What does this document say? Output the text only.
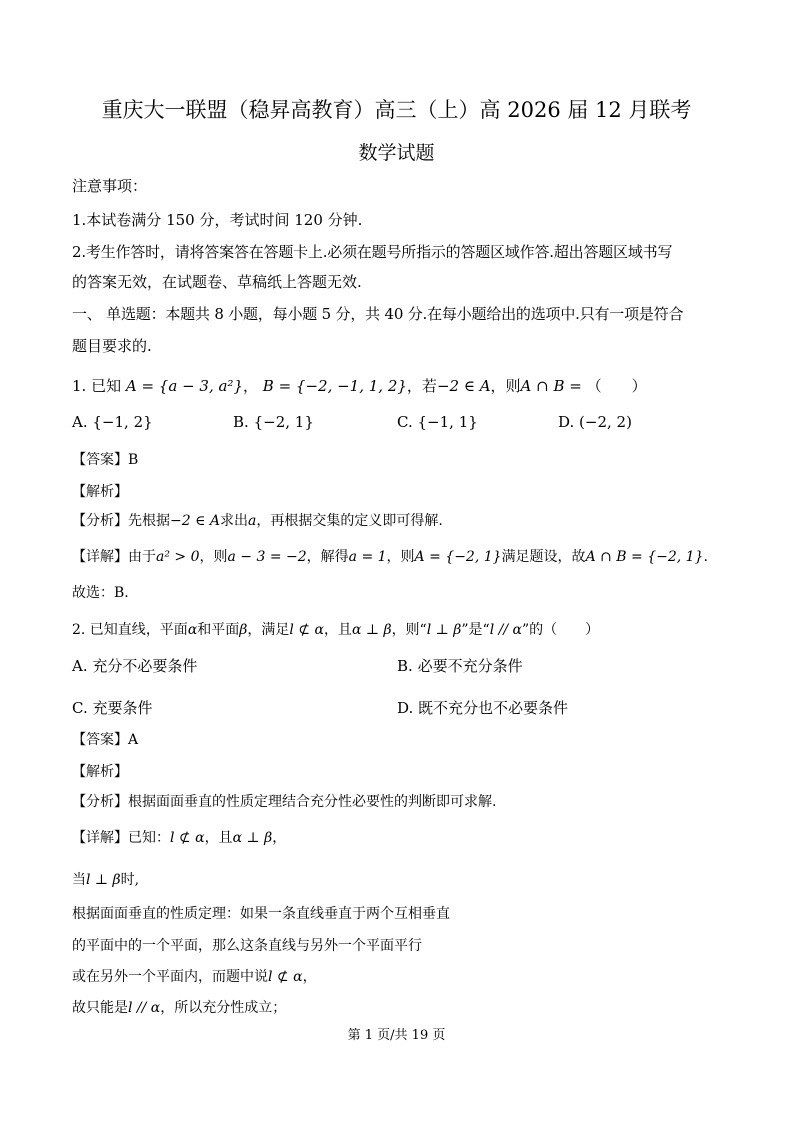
重庆大一联盟（稳昇高教育）高三（上）高 2026 届 12 月联考
数学试题
注意事项：
1.本试卷满分 150 分，考试时间 120 分钟.
2.考生作答时，请将答案答在答题卡上.必须在题号所指示的答题区域作答.超出答题区域书写
的答案无效，在试题卷、草稿纸上答题无效.
一、 单选题：本题共 8 小题，每小题 5 分，共 40 分.在每小题给出的选项中.只有一项是符合
题目要求的.
1. 已知 A = {a − 3, a²}， B = {−2, −1, 1, 2}，若−2 ∈ A，则A ∩ B = （　　）
A. {−1, 2}	B. {−2, 1}	C. {−1, 1}	D. (−2, 2)
【答案】B
【解析】
【分析】先根据−2 ∈ A求出a，再根据交集的定义即可得解.
【详解】由于a² > 0，则a − 3 = −2，解得a = 1，则A = {−2, 1}满足题设，故A ∩ B = {−2, 1}.
故选：B.
2. 已知直线，平面α和平面β，满足l ⊄ α，且α ⊥ β，则“l ⊥ β”是“l // α”的（　　）
A. 充分不必要条件	B. 必要不充分条件
C. 充要条件	D. 既不充分也不必要条件
【答案】A
【解析】
【分析】根据面面垂直的性质定理结合充分性必要性的判断即可求解.
【详解】已知：l ⊄ α，且α ⊥ β，
当l ⊥ β时,
根据面面垂直的性质定理：如果一条直线垂直于两个互相垂直
的平面中的一个平面，那么这条直线与另外一个平面平行
或在另外一个平面内，而题中说l ⊄ α，
故只能是l // α，所以充分性成立；
第 1 页/共 19 页
